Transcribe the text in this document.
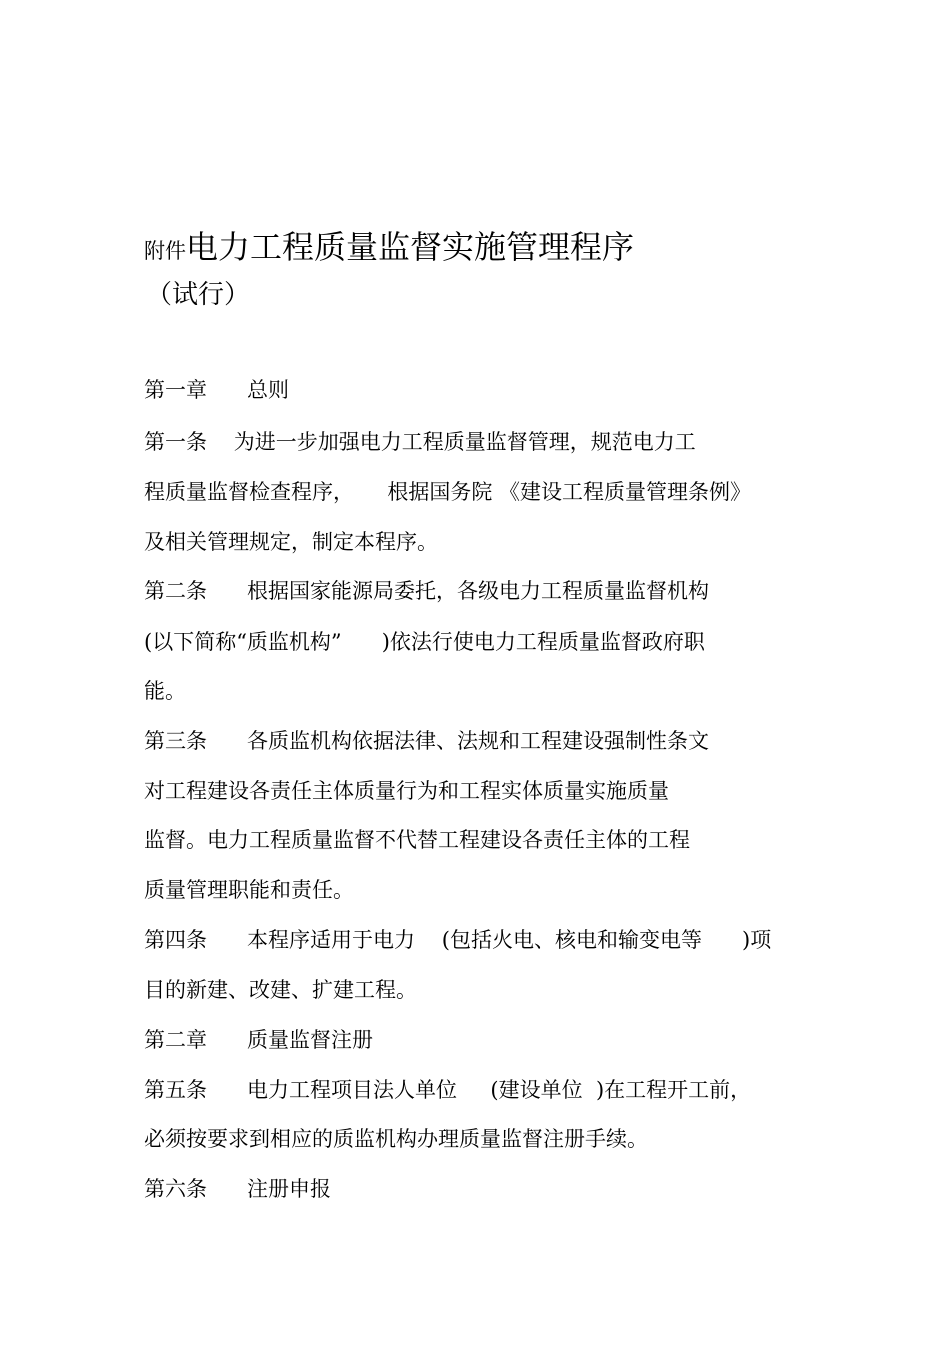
附件电力工程质量监督实施管理程序
（试行）
第一章      总则
第一条    为进一步加强电力工程质量监督管理，规范电力工
程质量监督检查程序，     根据国务院 《建设工程质量管理条例》
及相关管理规定，制定本程序。
第二条      根据国家能源局委托，各级电力工程质量监督机构
(以下简称“质监机构”      )依法行使电力工程质量监督政府职
能。
第三条      各质监机构依据法律、法规和工程建设强制性条文
对工程建设各责任主体质量行为和工程实体质量实施质量
监督。电力工程质量监督不代替工程建设各责任主体的工程
质量管理职能和责任。
第四条      本程序适用于电力    (包括火电、核电和输变电等      )项
目的新建、改建、扩建工程。
第二章      质量监督注册
第五条      电力工程项目法人单位     (建设单位  )在工程开工前，
必须按要求到相应的质监机构办理质量监督注册手续。
第六条      注册申报
